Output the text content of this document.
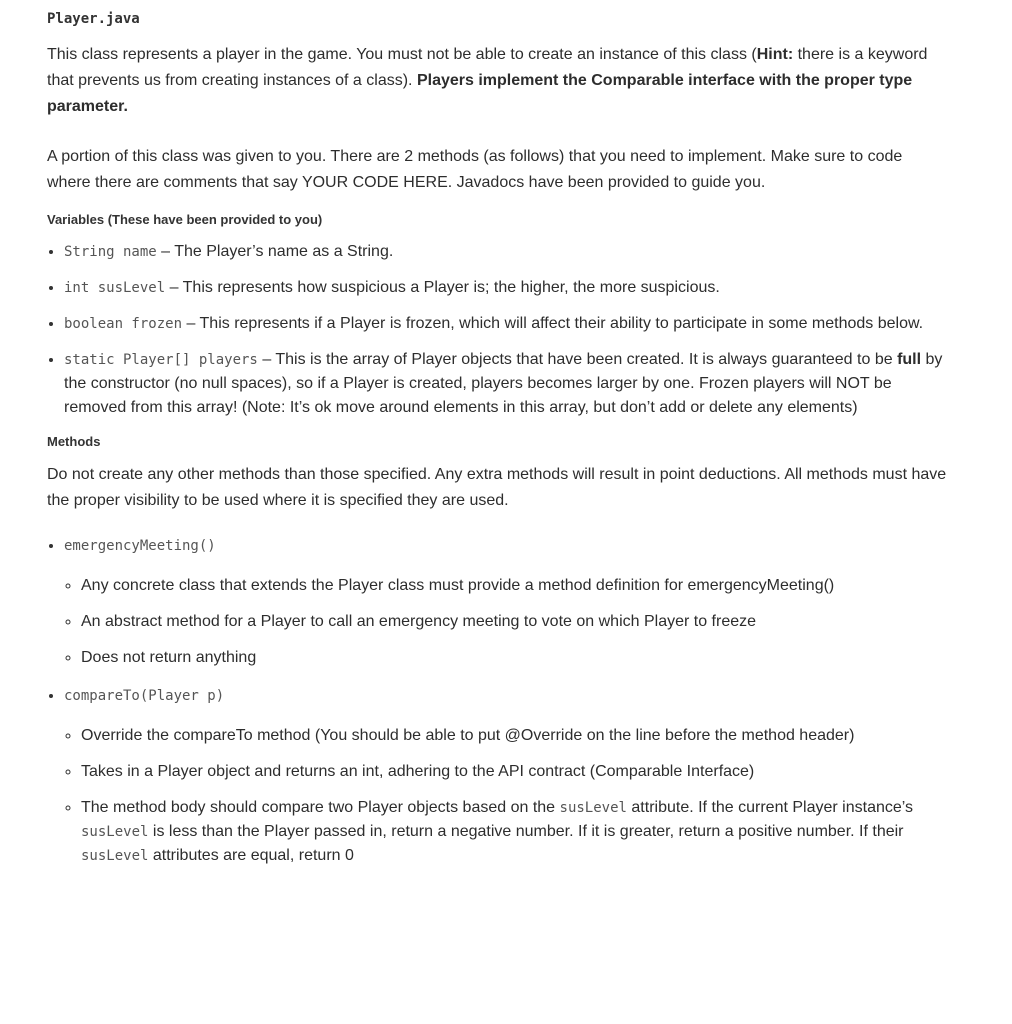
Player.java

This class represents a player in the game. You must not be able to create an instance of this class (Hint: there is a keyword that prevents us from creating instances of a class). Players implement the Comparable interface with the proper type parameter.

A portion of this class was given to you. There are 2 methods (as follows) that you need to implement. Make sure to code where there are comments that say YOUR CODE HERE. Javadocs have been provided to guide you.

Variables (These have been provided to you)
• String name – The Player’s name as a String.
• int susLevel – This represents how suspicious a Player is; the higher, the more suspicious.
• boolean frozen – This represents if a Player is frozen, which will affect their ability to participate in some methods below.
• static Player[] players – This is the array of Player objects that have been created. It is always guaranteed to be full by the constructor (no null spaces), so if a Player is created, players becomes larger by one. Frozen players will NOT be removed from this array! (Note: It’s ok move around elements in this array, but don’t add or delete any elements)
Methods

Do not create any other methods than those specified. Any extra methods will result in point deductions. All methods must have the proper visibility to be used where it is specified they are used.

• emergencyMeeting()
◦ Any concrete class that extends the Player class must provide a method definition for emergencyMeeting()
◦ An abstract method for a Player to call an emergency meeting to vote on which Player to freeze
◦ Does not return anything
• compareTo(Player p)
◦ Override the compareTo method (You should be able to put @Override on the line before the method header)
◦ Takes in a Player object and returns an int, adhering to the API contract (Comparable Interface)
◦ The method body should compare two Player objects based on the susLevel attribute. If the current Player instance’s susLevel is less than the Player passed in, return a negative number. If it is greater, return a positive number. If their susLevel attributes are equal, return 0
